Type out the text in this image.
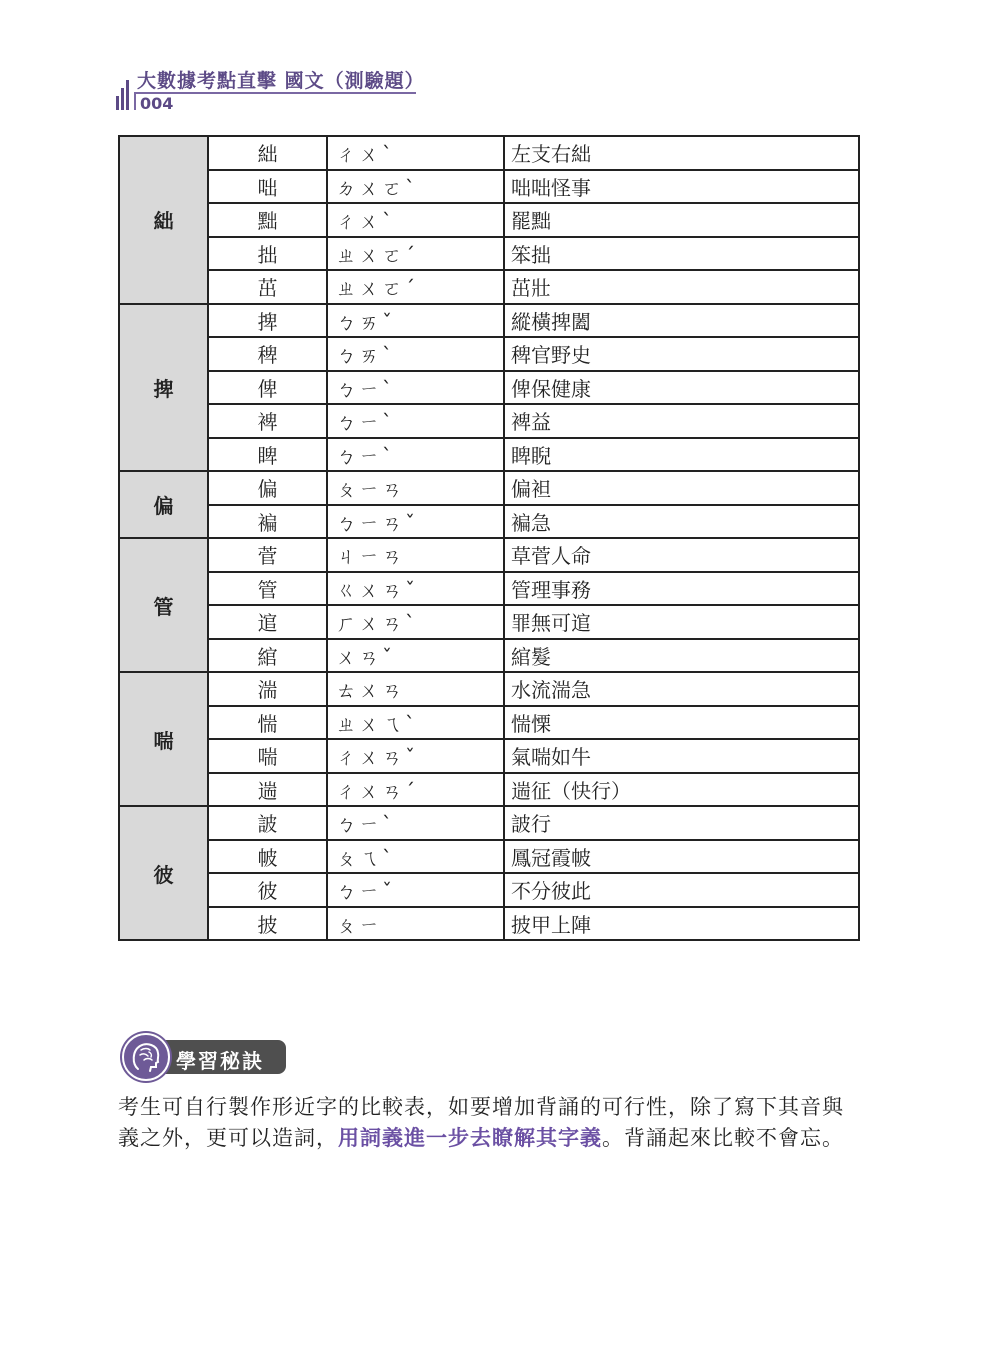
大數據考點直擊 國文（測驗題）
004
絀	絀	ㄔㄨˋ	左支右絀
	咄	ㄉㄨㄛˋ	咄咄怪事
	黜	ㄔㄨˋ	罷黜
	拙	ㄓㄨㄛˊ	笨拙
	茁	ㄓㄨㄛˊ	茁壯
捭	捭	ㄅㄞˇ	縱橫捭闔
	稗	ㄅㄞˋ	稗官野史
	俾	ㄅㄧˋ	俾保健康
	裨	ㄅㄧˋ	裨益
	睥	ㄅㄧˋ	睥睨
偏	偏	ㄆㄧㄢ	偏袒
	褊	ㄅㄧㄢˇ	褊急
管	菅	ㄐㄧㄢ	草菅人命
	管	ㄍㄨㄢˇ	管理事務
	逭	ㄏㄨㄢˋ	罪無可逭
	綰	ㄨㄢˇ	綰髮
喘	湍	ㄊㄨㄢ	水流湍急
	惴	ㄓㄨㄟˋ	惴慄
	喘	ㄔㄨㄢˇ	氣喘如牛
	遄	ㄔㄨㄢˊ	遄征（快行）
彼	詖	ㄅㄧˋ	詖行
	帔	ㄆㄟˋ	鳳冠霞帔
	彼	ㄅㄧˇ	不分彼此
	披	ㄆㄧ	披甲上陣
學習秘訣

考生可自行製作形近字的比較表，如要增加背誦的可行性，除了寫下其音與義之外，更可以造詞，用詞義進一步去瞭解其字義。背誦起來比較不會忘。
